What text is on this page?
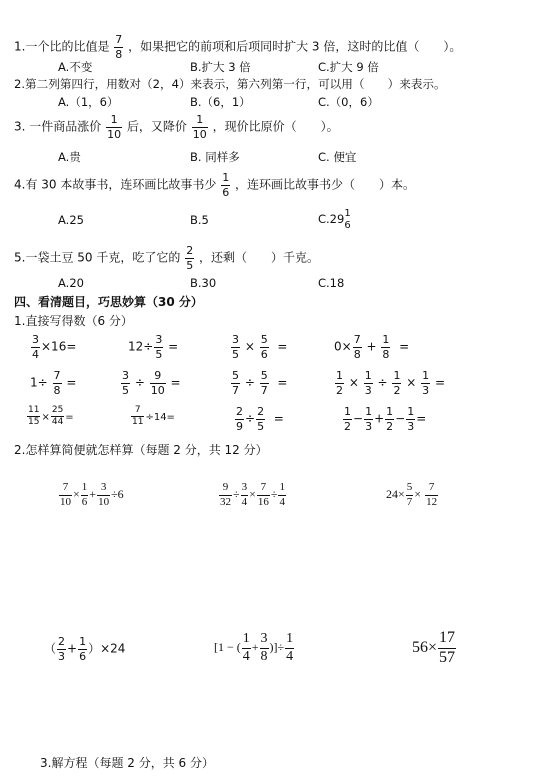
1.一个比的比值是 $\frac{7}{8}$ ，如果把它的前项和后项同时扩大 3 倍，这时的比值（　　）。
A.不变	B.扩大 3 倍	C.扩大 9 倍
2.第二列第四行，用数对（2，4）来表示，第六列第一行，可以用（　　）来表示。
A.（1，6）	B.（6，1）	C.（0，6）
3. 一件商品涨价 $\frac{1}{10}$ 后，又降价 $\frac{1}{10}$ ，现价比原价（　　）。
A.贵	B. 同样多	C. 便宜
4.有 30 本故事书，连环画比故事书少 $\frac{1}{6}$ ，连环画比故事书少（　　）本。
A.25	B.5	C.29 1
6
5.一袋土豆 50 千克，吃了它的 $\frac{2}{5}$ ，还剩（　　）千克。
A.20	B.30	C.18
四、看清题目，巧思妙算（30 分）
1.直接写得数（6 分）
$\frac{3}{4} \times 16=$	$12\div \frac{3}{5}$ =	$\frac{3}{5} \times \frac{5}{6}$ =	$0\times \frac{7}{8} + \frac{1}{8}$ =
$1\div \frac{7}{8}$ =	$\frac{3}{5} \div \frac{9}{10}$ =	$\frac{5}{7} \div \frac{5}{7}$ =	$\frac{1}{2} \times \frac{1}{3} \div \frac{1}{2} \times \frac{1}{3}$ =
$\frac{11}{15} \times \frac{25}{44}$ =	$\frac{7}{11} \div 14=$	$\frac{2}{9} \div \frac{2}{5}$ =	$\frac{1}{2} - \frac{1}{3} + \frac{1}{2} - \frac{1}{3}$ =
2.怎样算简便就怎样算（每题 2 分，共 12 分）
$\frac{7}{10} \times \frac{1}{6} + \frac{3}{10} \div 6$	$\frac{9}{32} \div \frac{3}{4} \times \frac{7}{16} \div \frac{1}{4}$	$24\times \frac{5}{7} \times \frac{7}{12}$
（ $\frac{2}{3} + \frac{1}{6} )\times 24$	[1 − ( $\frac{1}{4} + \frac{3}{8}$ )]÷ $\frac{1}{4}$	$56\times \frac{17}{57}$
3.解方程（每题 2 分，共 6 分）
